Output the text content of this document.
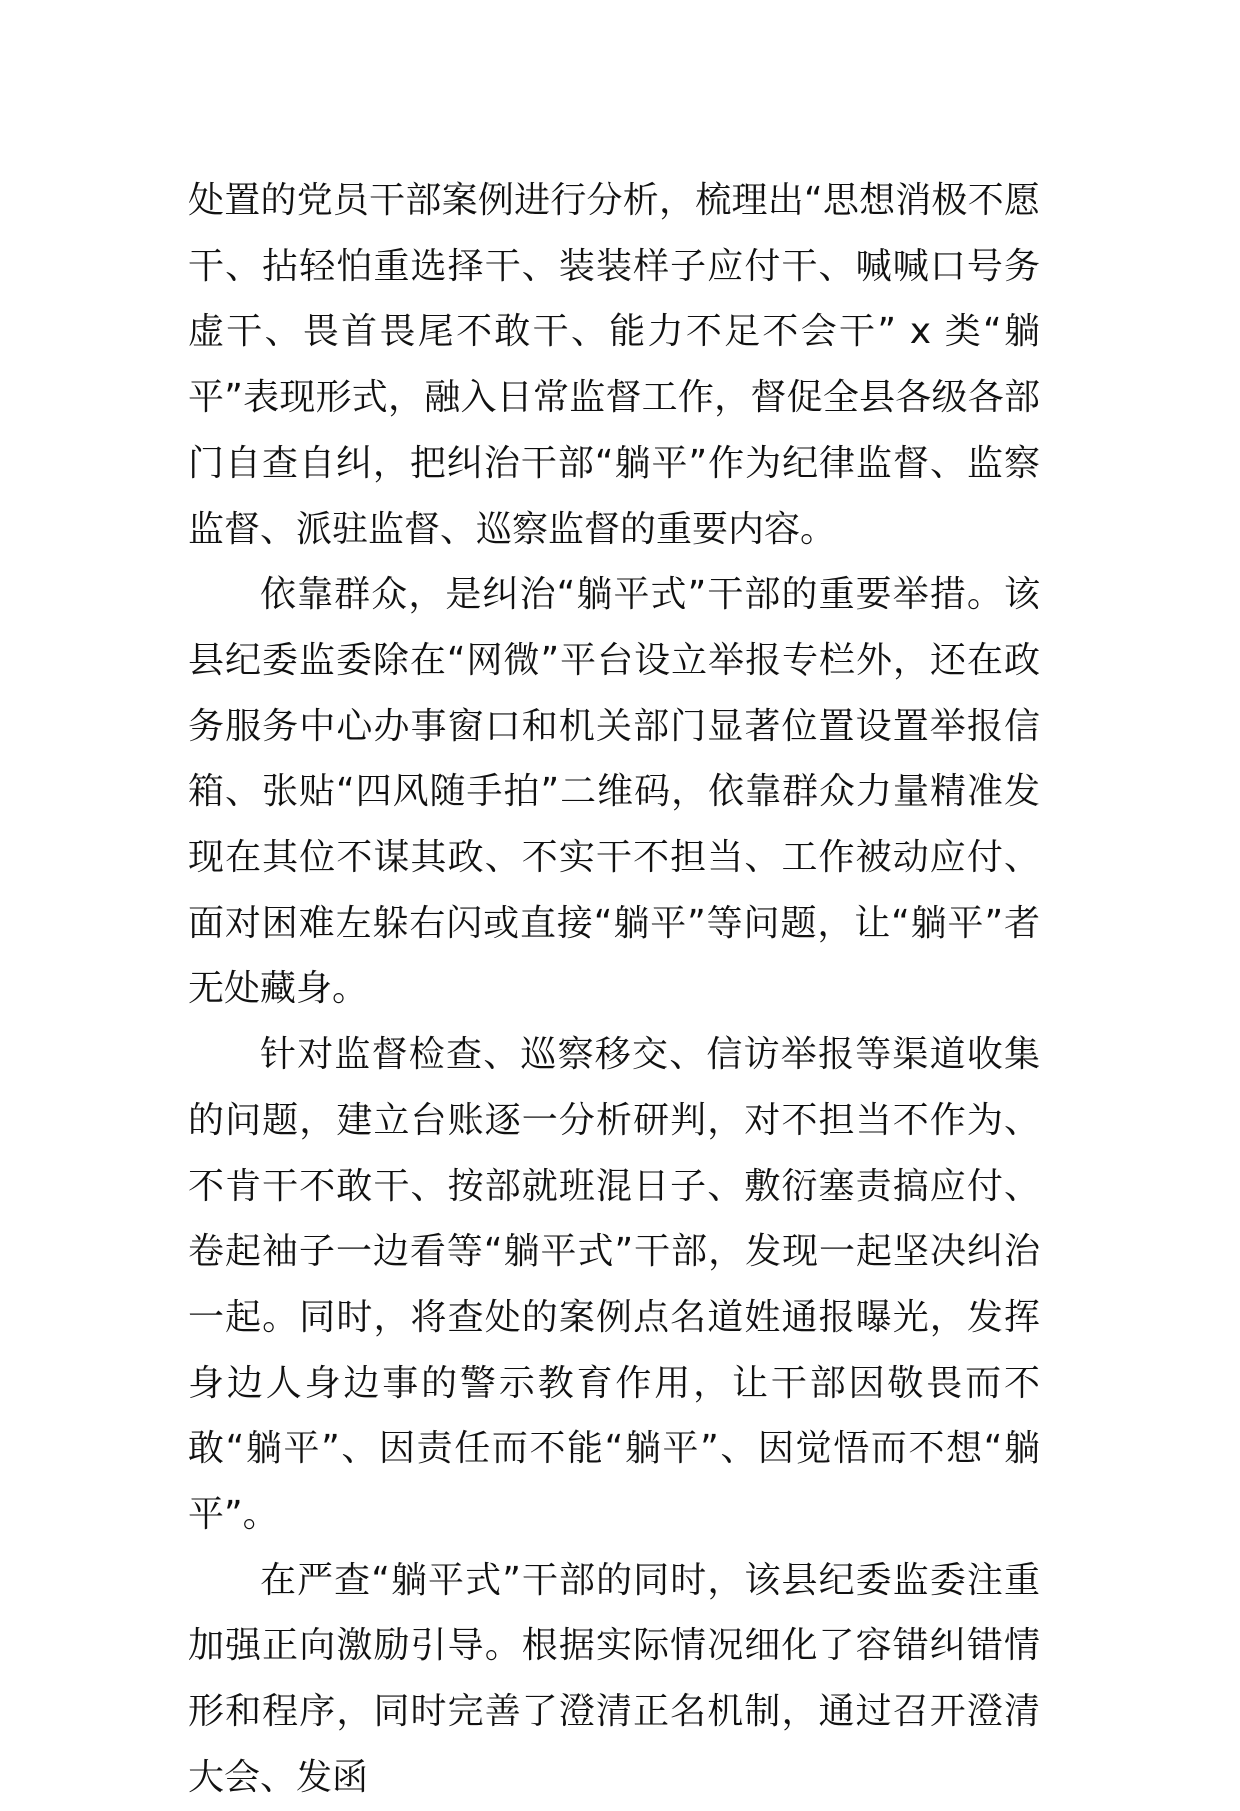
处置的党员干部案例进行分析，梳理出“思想消极不愿干、拈轻怕重选择干、装装样子应付干、喊喊口号务虚干、畏首畏尾不敢干、能力不足不会干” x 类“躺平”表现形式，融入日常监督工作，督促全县各级各部门自查自纠，把纠治干部“躺平”作为纪律监督、监察监督、派驻监督、巡察监督的重要内容。

依靠群众，是纠治“躺平式”干部的重要举措。该县纪委监委除在“网微”平台设立举报专栏外，还在政务服务中心办事窗口和机关部门显著位置设置举报信箱、张贴“四风随手拍”二维码，依靠群众力量精准发现在其位不谋其政、不实干不担当、工作被动应付、面对困难左躲右闪或直接“躺平”等问题，让“躺平”者无处藏身。

针对监督检查、巡察移交、信访举报等渠道收集的问题，建立台账逐一分析研判，对不担当不作为、不肯干不敢干、按部就班混日子、敷衍塞责搞应付、卷起袖子一边看等“躺平式”干部，发现一起坚决纠治一起。同时，将查处的案例点名道姓通报曝光，发挥身边人身边事的警示教育作用，让干部因敬畏而不敢“躺平”、因责任而不能“躺平”、因觉悟而不想“躺平”。

在严查“躺平式”干部的同时，该县纪委监委注重加强正向激励引导。根据实际情况细化了容错纠错情形和程序，同时完善了澄清正名机制，通过召开澄清大会、发函
